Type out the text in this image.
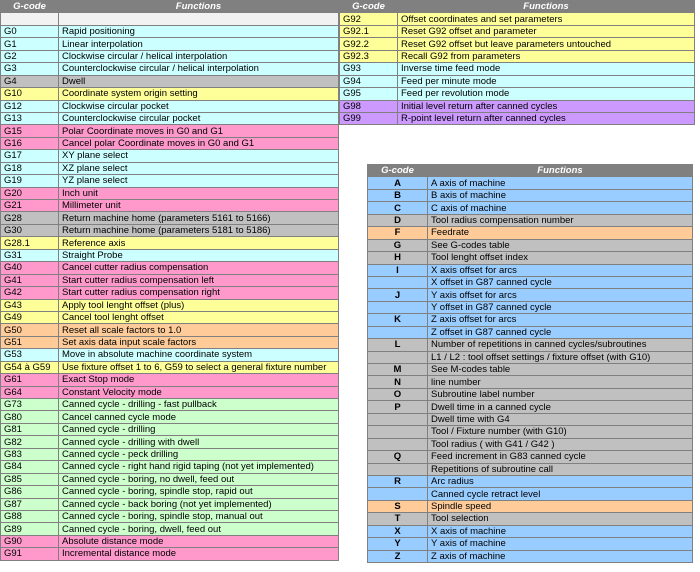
G-code	Functions

G0	Rapid positioning
G1	Linear interpolation
G2	Clockwise circular / helical interpolation
G3	Counterclockwise circular / helical interpolation
G4	Dwell
G10	Coordinate system origin setting
G12	Clockwise circular pocket
G13	Counterclockwise circular pocket
G15	Polar Coordinate moves in G0 and G1
G16	Cancel polar Coordinate moves in G0 and G1
G17	XY plane select
G18	XZ plane select
G19	YZ plane select
G20	Inch unit
G21	Millimeter unit
G28	Return machine home (parameters 5161 to 5166)
G30	Return machine home (parameters 5181 to 5186)
G28.1	Reference axis
G31	Straight Probe
G40	Cancel cutter radius compensation
G41	Start cutter radius compensation left
G42	Start cutter radius compensation right
G43	Apply tool lenght offset (plus)
G49	Cancel tool lenght offset
G50	Reset all scale factors to 1.0
G51	Set axis data input scale factors
G53	Move in absolute machine coordinate system
G54 à G59	Use fixture offset 1 to 6, G59 to select a general fixture number
G61	Exact Stop mode
G64	Constant Velocity mode
G73	Canned cycle - drilling - fast pullback
G80	Cancel canned cycle mode
G81	Canned cycle - drilling
G82	Canned cycle - drilling with dwell
G83	Canned cycle - peck drilling
G84	Canned cycle - right hand rigid taping (not yet implemented)
G85	Canned cycle - boring, no dwell, feed out
G86	Canned cycle - boring, spindle stop, rapid out
G87	Canned cycle - back boring (not yet implemented)
G88	Canned cycle - boring, spindle stop, manual out
G89	Canned cycle - boring, dwell, feed out
G90	Absolute distance mode
G91	Incremental distance mode
G-code	Functions
G92	Offset coordinates and set parameters
G92.1	Reset G92 offset and parameter
G92.2	Reset G92 offset but leave parameters untouched
G92.3	Recall G92 from parameters
G93	Inverse time feed mode
G94	Feed per minute mode
G95	Feed per revolution mode
G98	Initial level return after canned cycles
G99	R-point level return after canned cycles
G-code	Functions
A	A axis of machine
B	B axis of machine
C	C axis of machine
D	Tool radius compensation number
F	Feedrate
G	See G-codes table
H	Tool lenght offset index
I	X axis offset for arcs
	X offset in G87 canned cycle
J	Y axis offset for arcs
	Y offset in G87 canned cycle
K	Z axis offset for arcs
	Z offset in G87 canned cycle
L	Number of repetitions in canned cycles/subroutines
	L1 / L2 : tool offset settings / fixture offset (with G10)
M	See M-codes table
N	line number
O	Subroutine label number
P	Dwell time in a canned cycle
	Dwell time with G4
	Tool / Fixture number (with G10)
	Tool radius ( with G41 / G42 )
Q	Feed increment in G83 canned cycle
	Repetitions of subroutine call
R	Arc radius
	Canned cycle retract level
S	Spindle speed
T	Tool selection
X	X axis of machine
Y	Y axis of machine
Z	Z axis of machine
